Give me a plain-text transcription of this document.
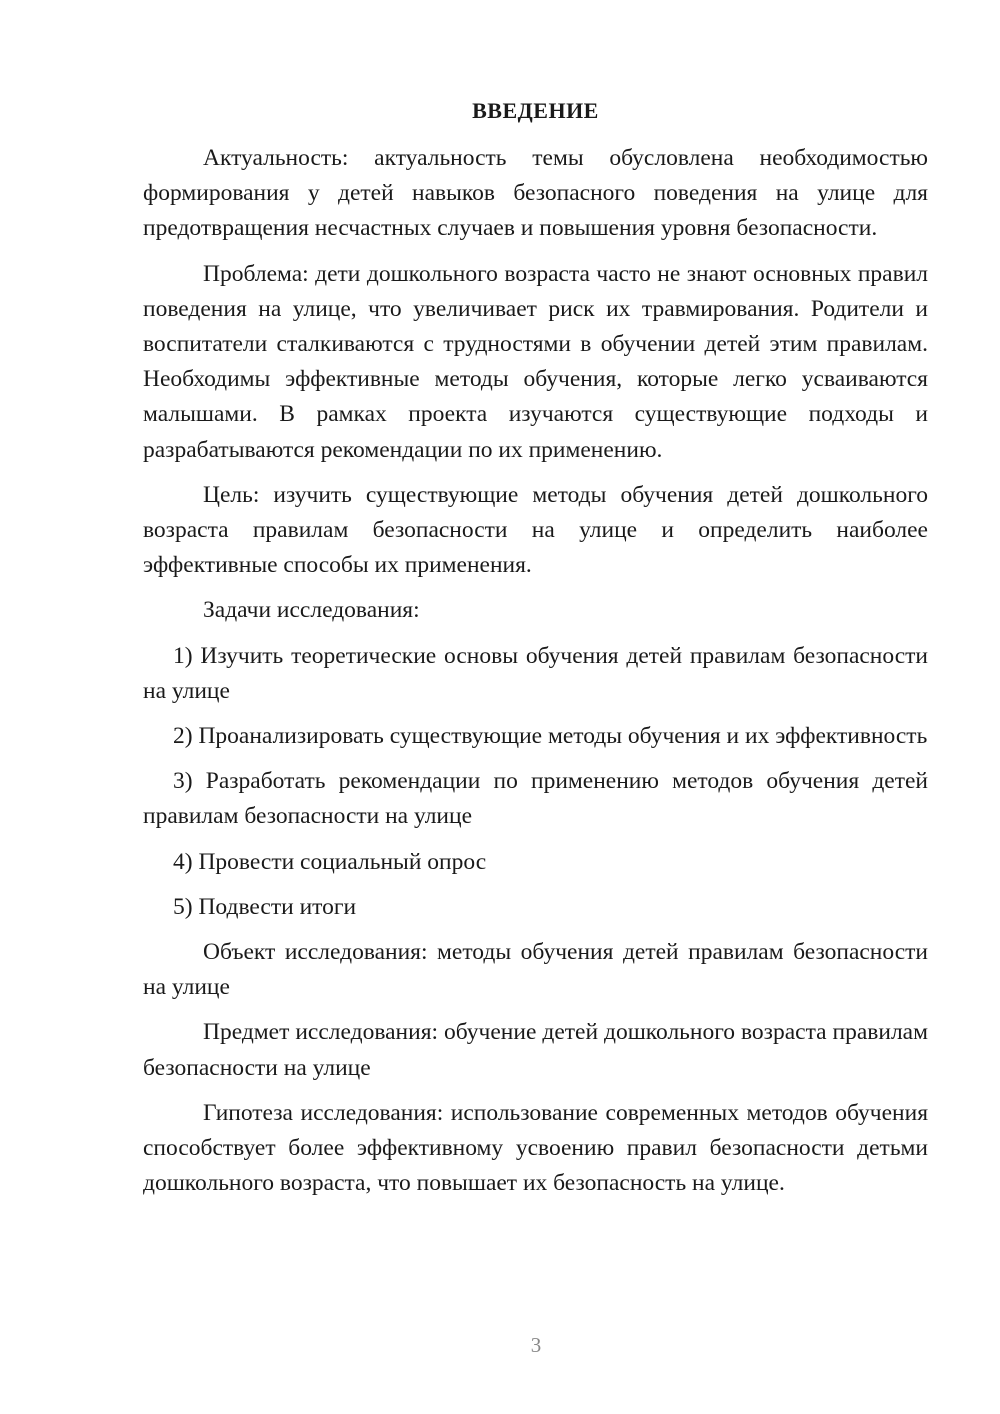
ВВЕДЕНИЕ

Актуальность: актуальность темы обусловлена необходимостью формирования у детей навыков безопасного поведения на улице для предотвращения несчастных случаев и повышения уровня безопасности.

Проблема: дети дошкольного возраста часто не знают основных правил поведения на улице, что увеличивает риск их травмирования. Родители и воспитатели сталкиваются с трудностями в обучении детей этим правилам. Необходимы эффективные методы обучения, которые легко усваиваются малышами. В рамках проекта изучаются существующие подходы и разрабатываются рекомендации по их применению.

Цель: изучить существующие методы обучения детей дошкольного возраста правилам безопасности на улице и определить наиболее эффективные способы их применения.

Задачи исследования:

1) Изучить теоретические основы обучения детей правилам безопасности на улице

2) Проанализировать существующие методы обучения и их эффективность

3) Разработать рекомендации по применению методов обучения детей правилам безопасности на улице

4) Провести социальный опрос

5) Подвести итоги

Объект исследования: методы обучения детей правилам безопасности на улице

Предмет исследования: обучение детей дошкольного возраста правилам безопасности на улице

Гипотеза исследования: использование современных методов обучения способствует более эффективному усвоению правил безопасности детьми дошкольного возраста, что повышает их безопасность на улице.

3
